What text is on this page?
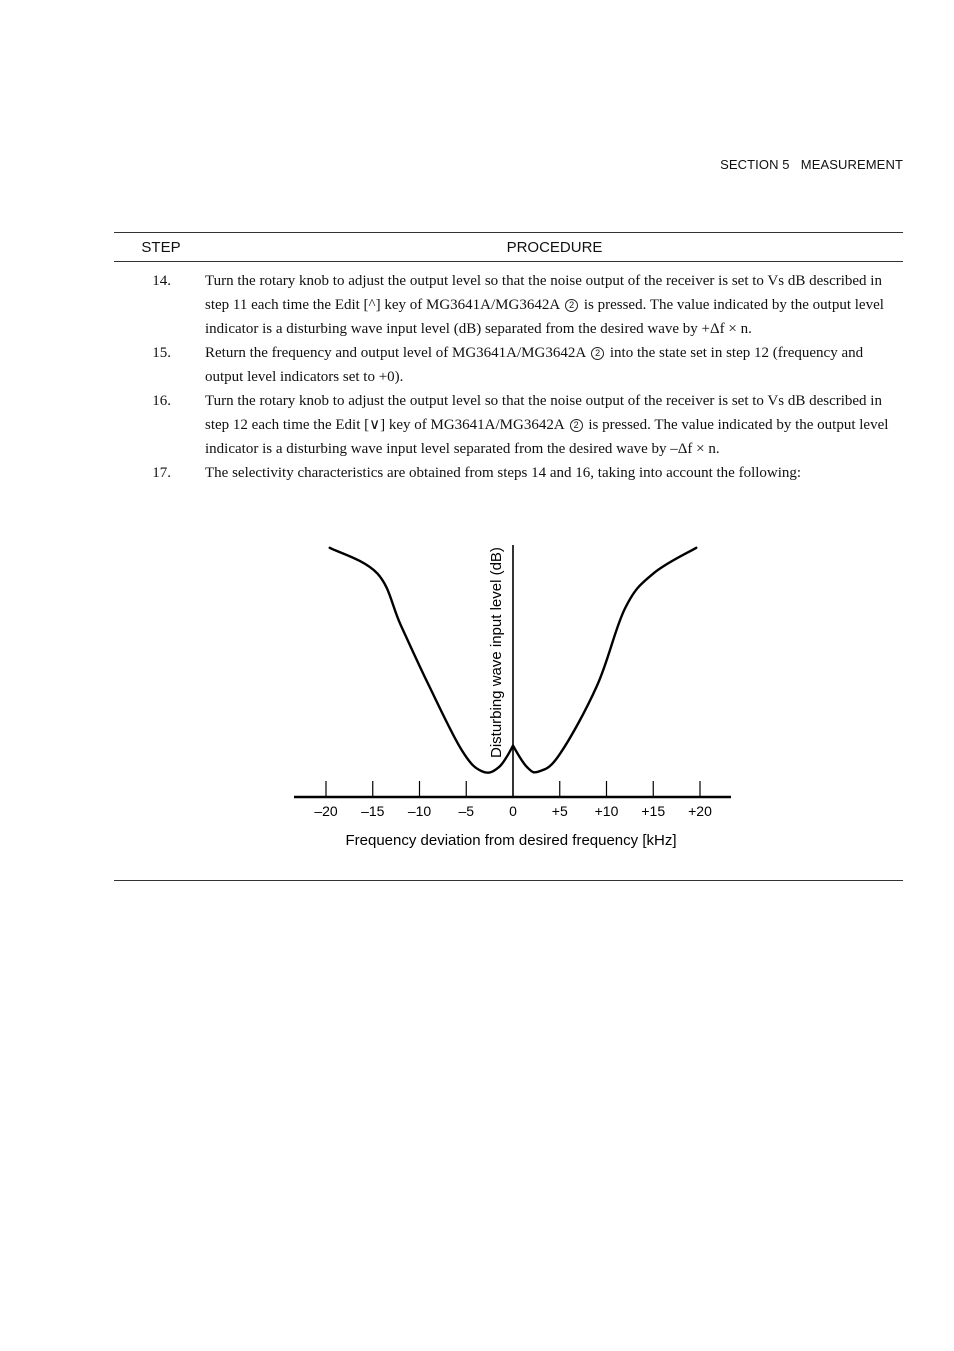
SECTION 5   MEASUREMENT
STEP	PROCEDURE
14.	Turn the rotary knob to adjust the output level so that the noise output of the receiver is set to Vs dB described in step 11 each time the Edit [^] key of MG3641A/MG3642A 2 is pressed. The value indicated by the output level indicator is a disturbing wave input level (dB) separated from the desired wave by +Δf × n.
15.	Return the frequency and output level of MG3641A/MG3642A 2 into the state set in step 12 (frequency and output level indicators set to +0).
16.	Turn the rotary knob to adjust the output level so that the noise output of the receiver is set to Vs dB described in step 12 each time the Edit [∨] key of MG3641A/MG3642A 2 is pressed. The value indicated by the output level indicator is a disturbing wave input level separated from the desired wave by –Δf × n.
17.	The selectivity characteristics are obtained from steps 14 and 16, taking into account the following:
–20 –15 –10 –5	0 +5 +10 +15 +20
Disturbing wave input level (dB)
Frequency deviation from desired frequency [kHz]
